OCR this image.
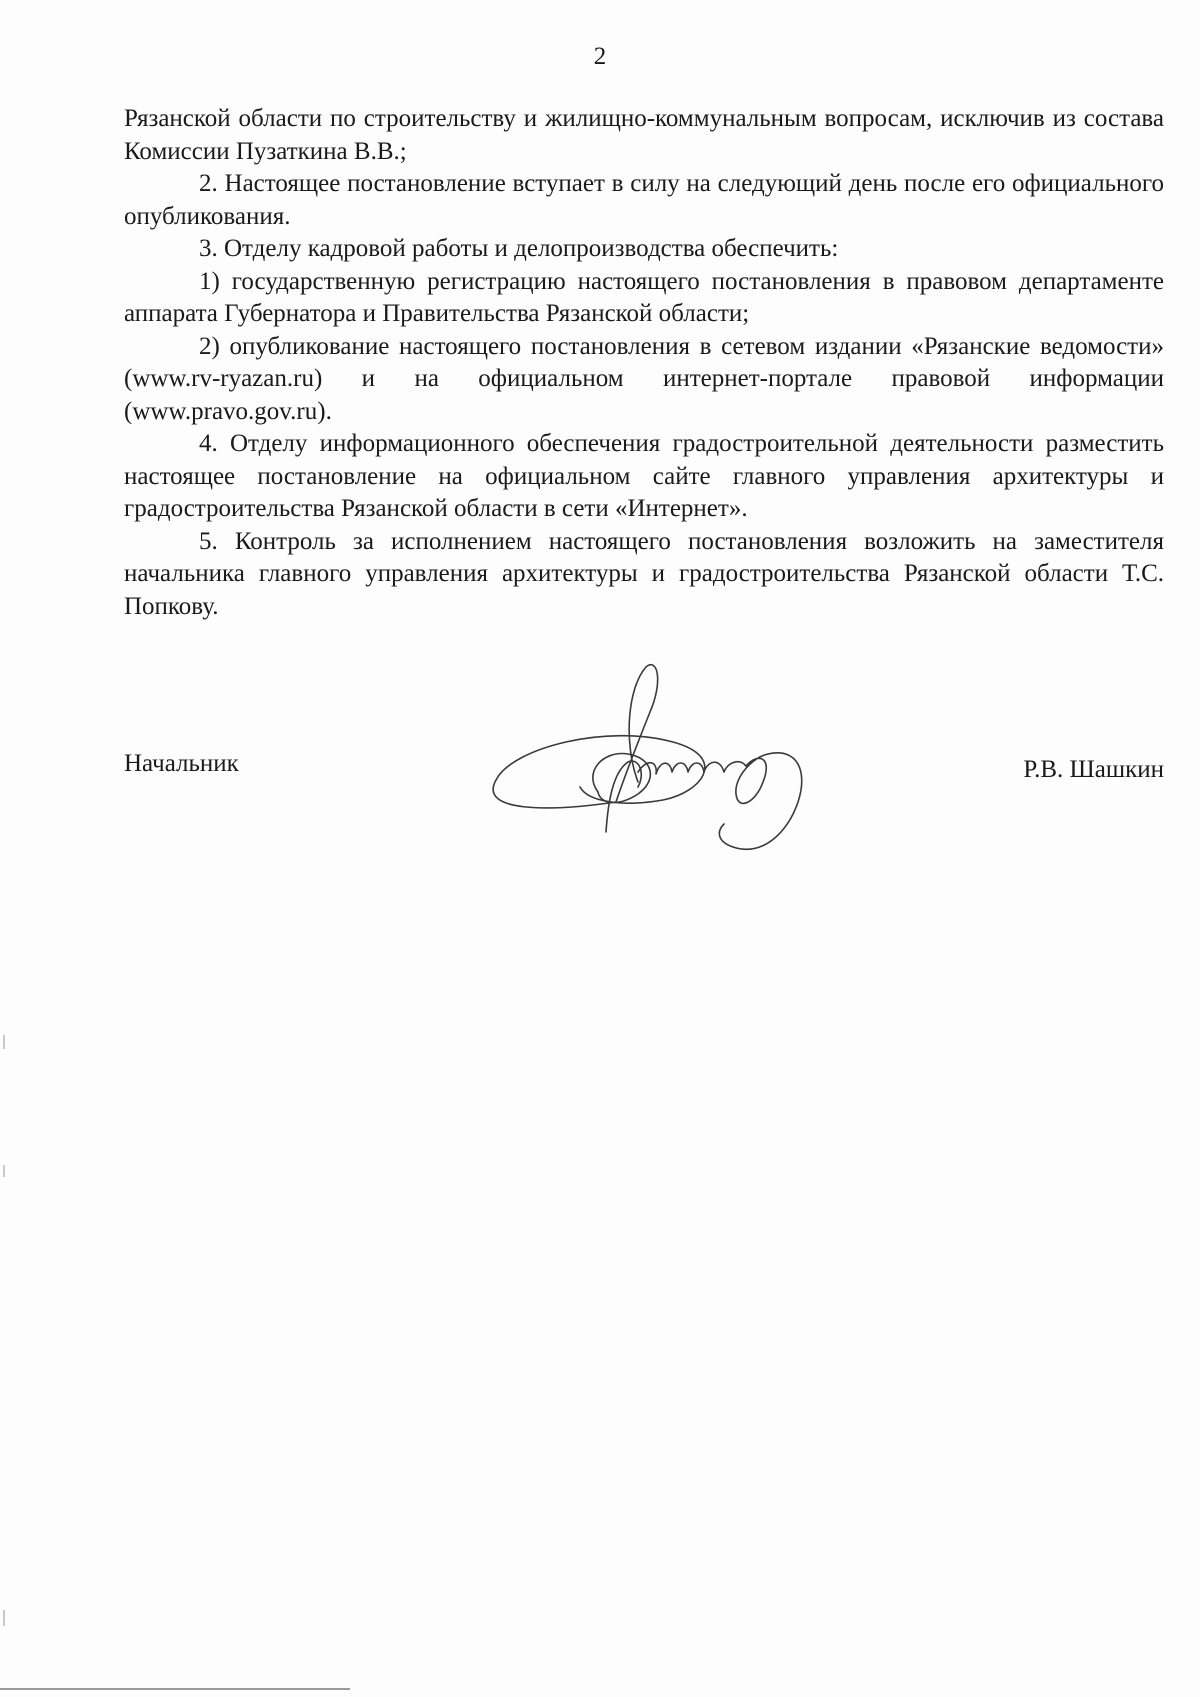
2

Рязанской области по строительству и жилищно-коммунальным вопросам, исключив из состава Комиссии Пузаткина В.В.;

2. Настоящее постановление вступает в силу на следующий день после его официального опубликования.

3. Отделу кадровой работы и делопроизводства обеспечить:

1) государственную регистрацию настоящего постановления в правовом департаменте аппарата Губернатора и Правительства Рязанской области;

2) опубликование настоящего постановления в сетевом издании «Рязанские ведомости» (www.rv-ryazan.ru) и на официальном интернет-портале правовой информации (www.pravo.gov.ru).

4. Отделу информационного обеспечения градостроительной деятельности разместить настоящее постановление на официальном сайте главного управления архитектуры и градостроительства Рязанской области в сети «Интернет».

5. Контроль за исполнением настоящего постановления возложить на заместителя начальника главного управления архитектуры и градостроительства Рязанской области Т.С. Попкову.

Начальник	Р.В. Шашкин
